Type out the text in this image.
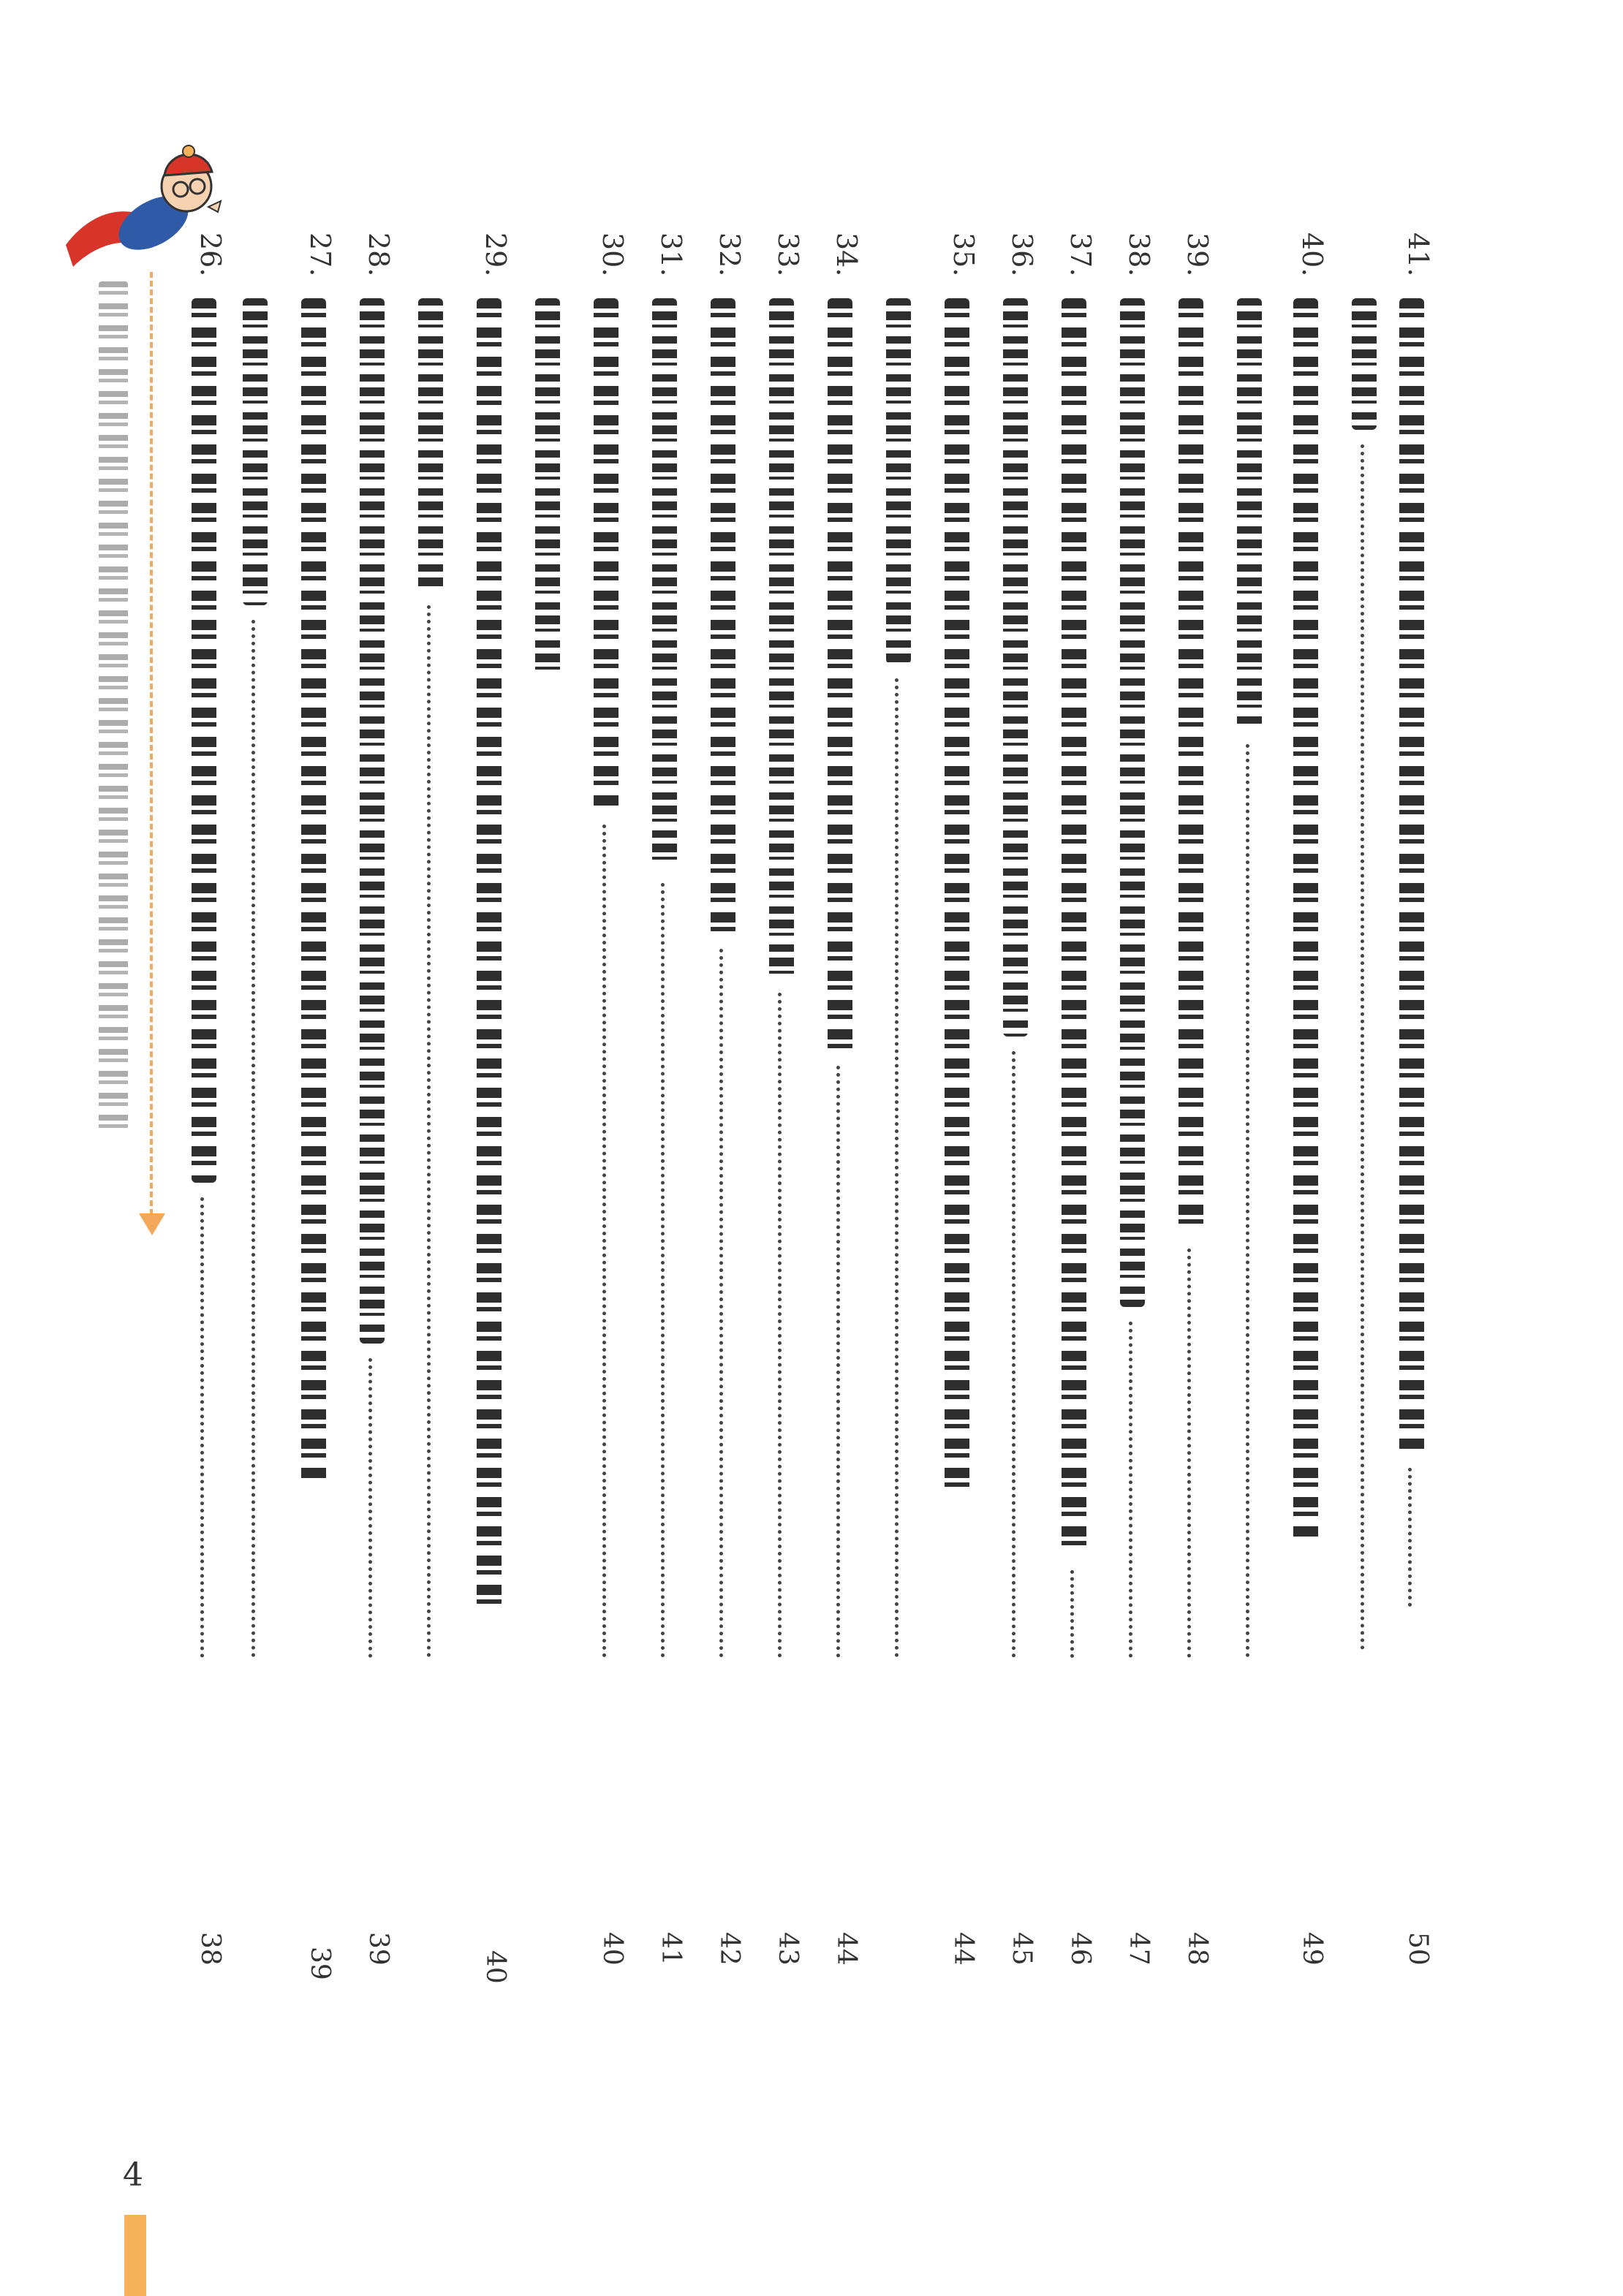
41.
50
40.
49
39.
48
38.
47
37.
46
36.
45
35.
44
34.
44
33.
43
32.
42
31.
41
30.
40
29.
40
28.
39
27.
39
26.
38
4
